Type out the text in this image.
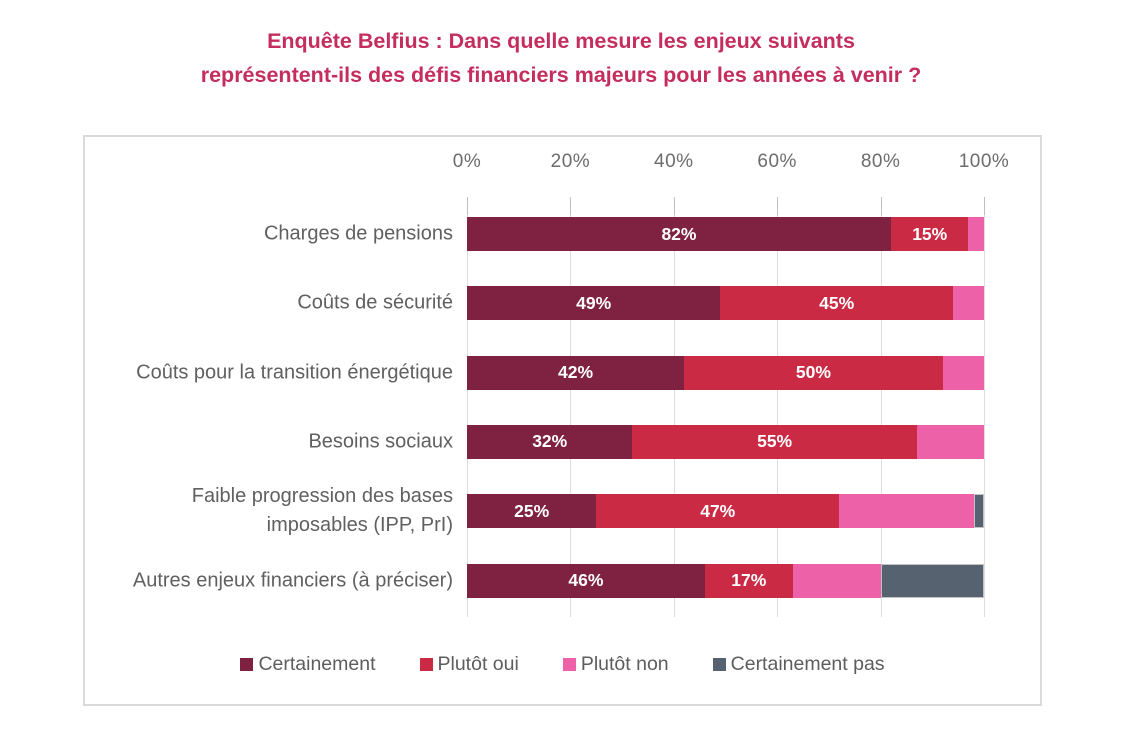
Enquête Belfius : Dans quelle mesure les enjeux suivants
représentent-ils des défis financiers majeurs pour les années à venir ?
0%	20%	40%	60%	80%	100%
Charges de pensions	82%	15%
Coûts de sécurité	49%	45%
Coûts pour la transition énergétique	42%	50%
Besoins sociaux	32%	55%
Faible progression des bases imposables (IPP, PrI)
25%	47%
Autres enjeux financiers (à préciser)	46%	17%
Certainement	Plutôt oui	Plutôt non	Certainement pas
